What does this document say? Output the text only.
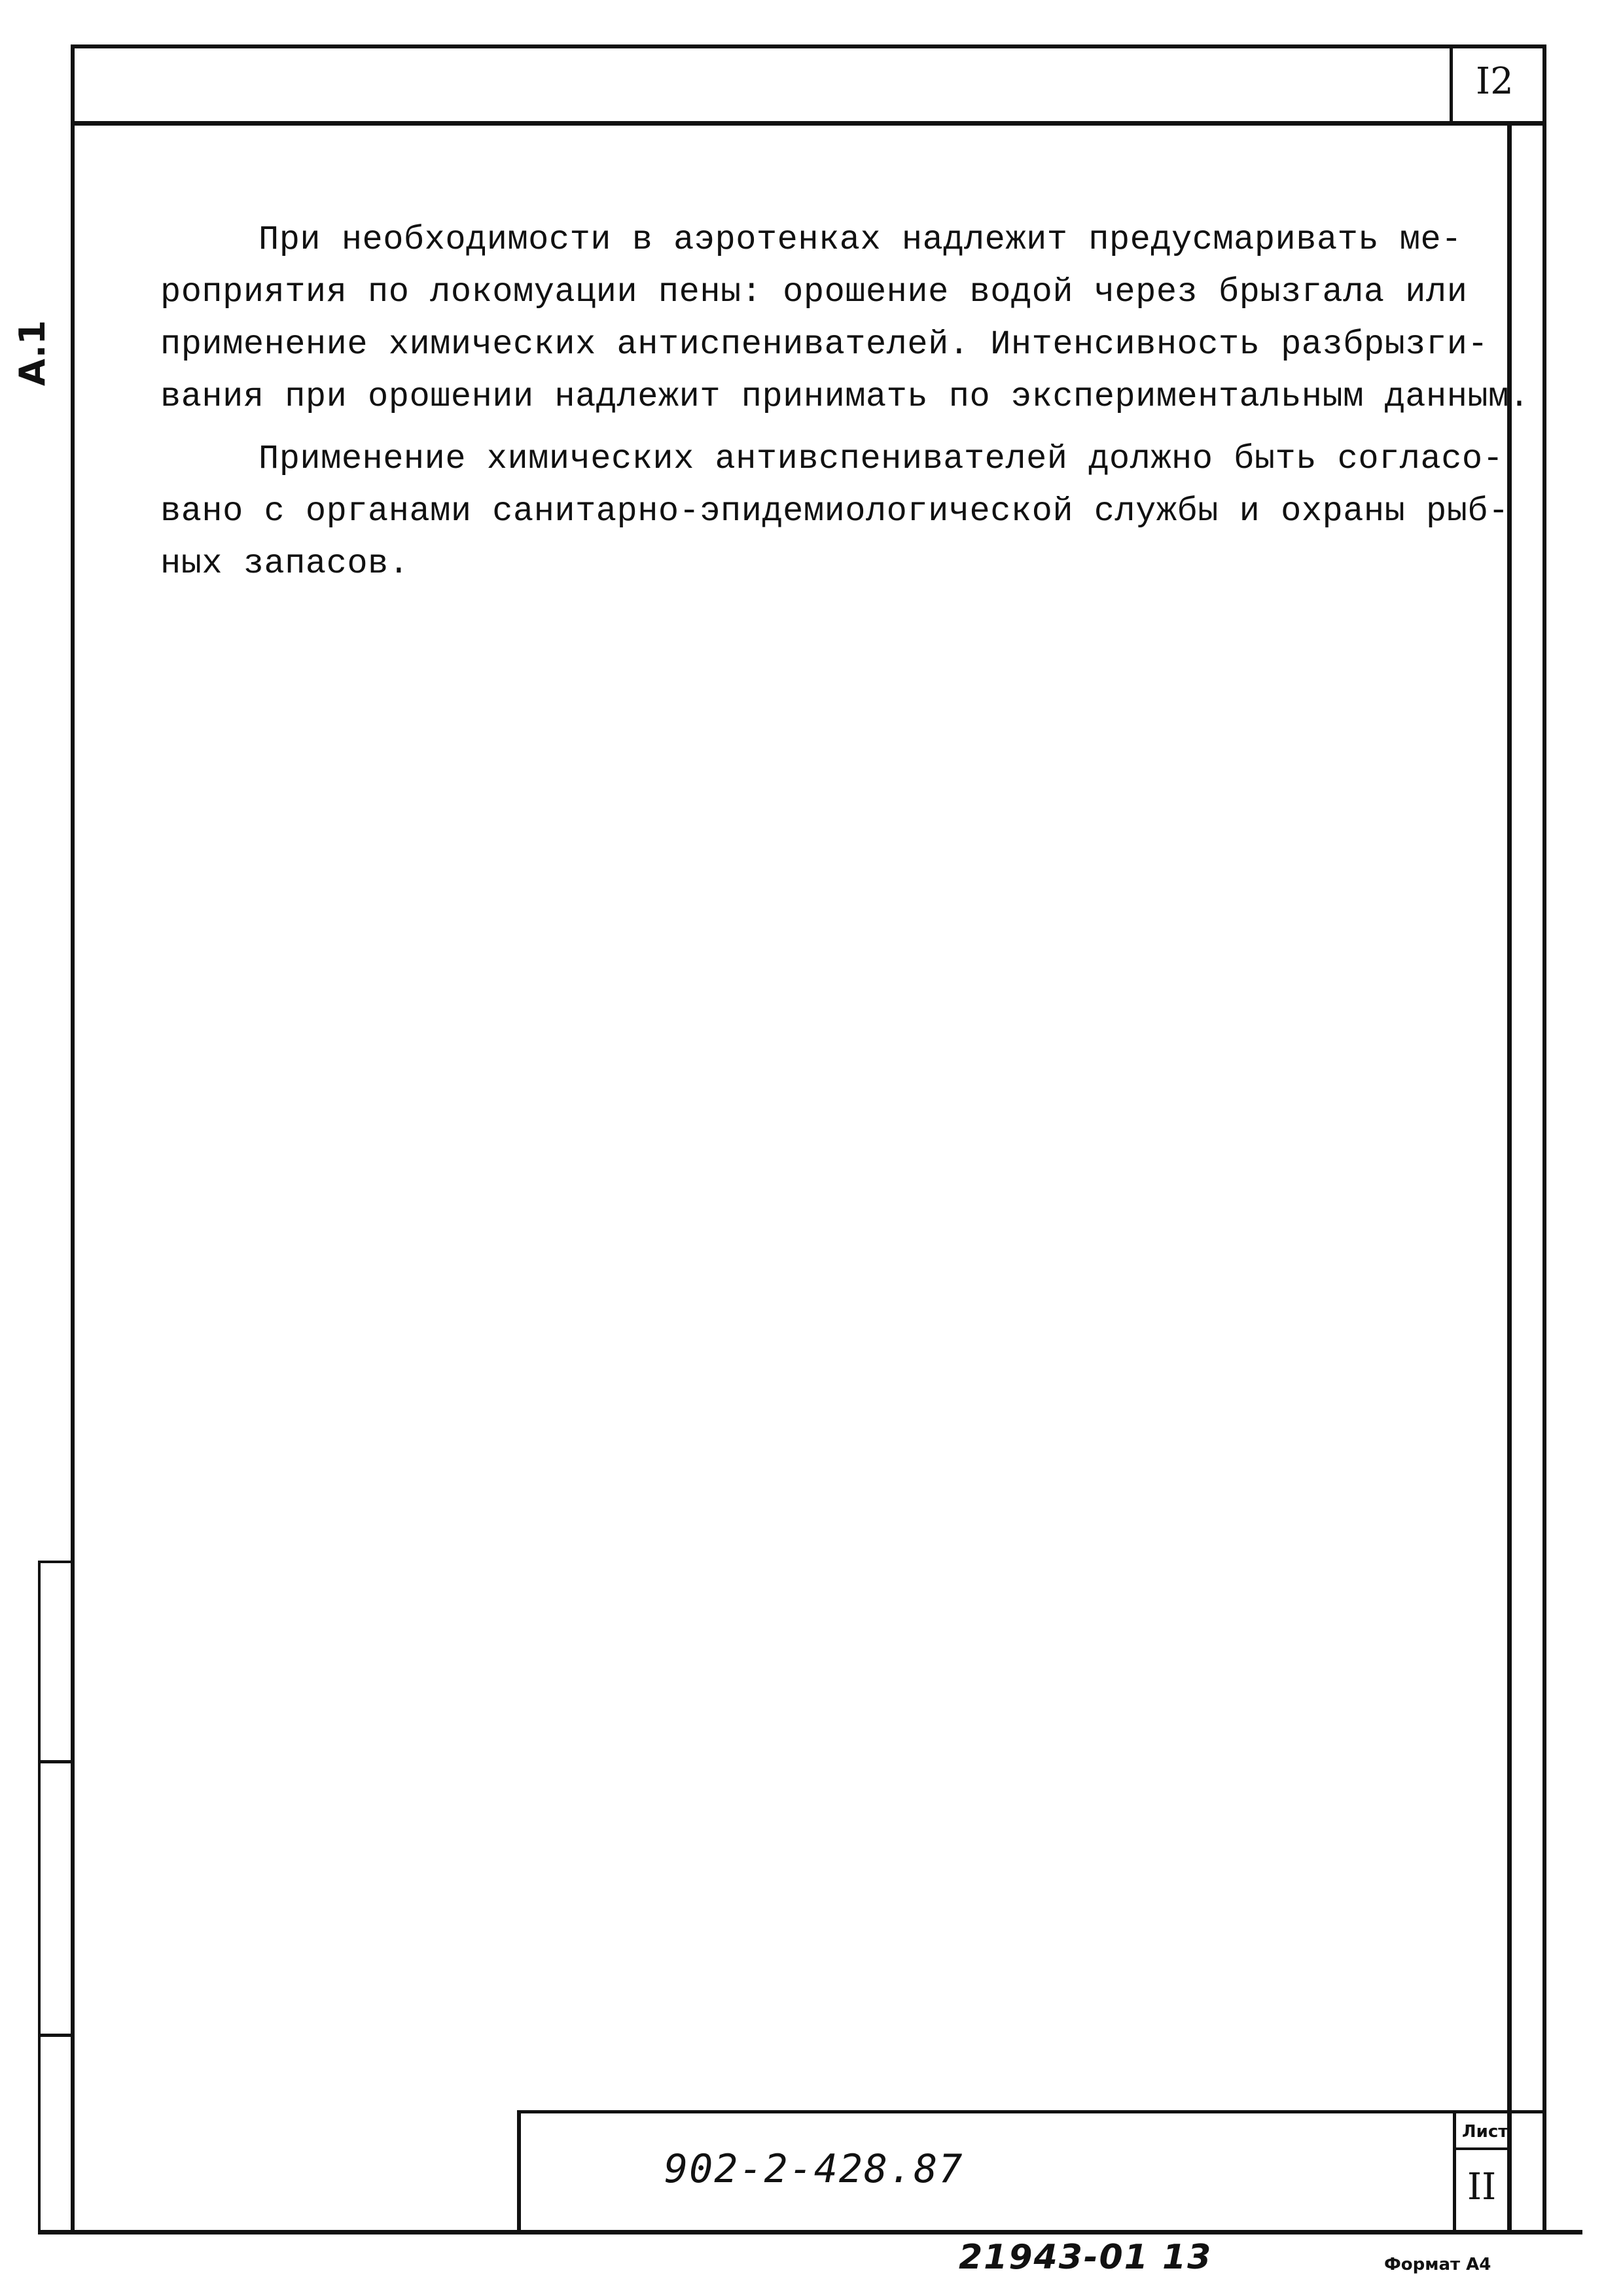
I2
A.1
При необходимости в аэротенках надлежит предусмаривать ме-
роприятия по локомуации пены: орошение водой через брызгала или
применение химических антиспенивателей. Интенсивность разбрызги-
вания при орошении надлежит принимать по экспериментальным данным.
Применение химических антивспенивателей должно быть согласо-
вано с органами санитарно-эпидемиологической службы и охраны рыб-
ных запасов.
902-2-428.87
Лист
II
21943-01 13	Формат А4
